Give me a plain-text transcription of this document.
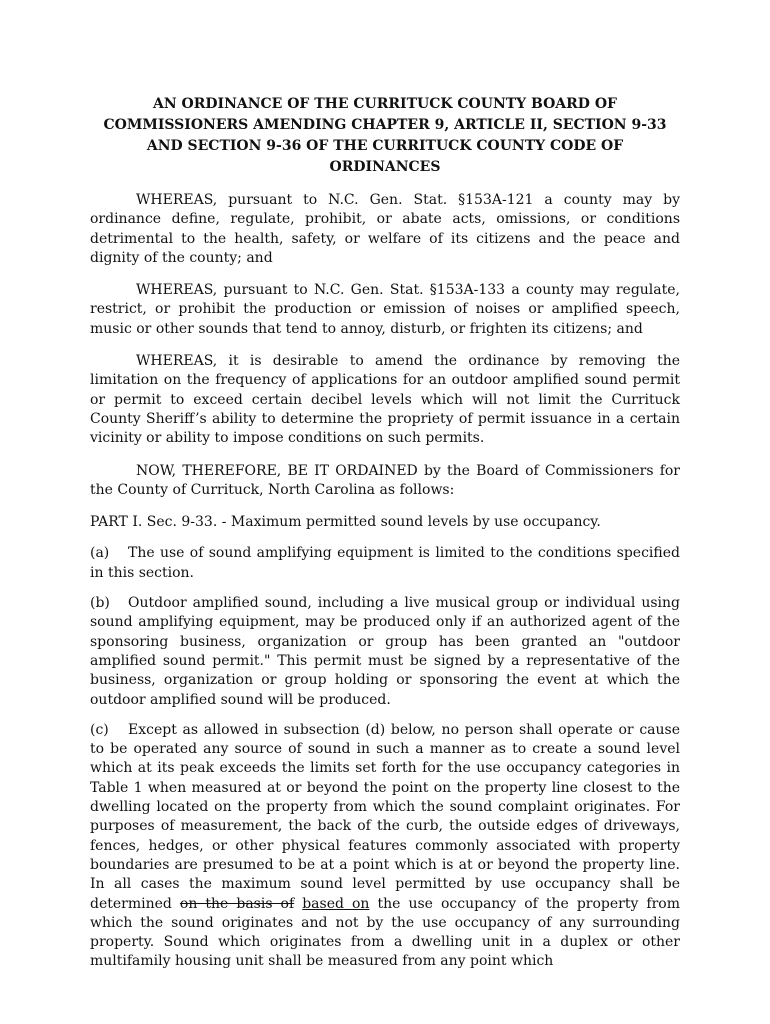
AN ORDINANCE OF THE CURRITUCK COUNTY BOARD OF
COMMISSIONERS AMENDING CHAPTER 9, ARTICLE II, SECTION 9-33
AND SECTION 9-36 OF THE CURRITUCK COUNTY CODE OF
ORDINANCES

WHEREAS, pursuant to N.C. Gen. Stat. §153A-121 a county may by ordinance define, regulate, prohibit, or abate acts, omissions, or conditions detrimental to the health, safety, or welfare of its citizens and the peace and dignity of the county; and

WHEREAS, pursuant to N.C. Gen. Stat. §153A-133 a county may regulate, restrict, or prohibit the production or emission of noises or amplified speech, music or other sounds that tend to annoy, disturb, or frighten its citizens; and

WHEREAS, it is desirable to amend the ordinance by removing the limitation on the frequency of applications for an outdoor amplified sound permit or permit to exceed certain decibel levels which will not limit the Currituck County Sheriff’s ability to determine the propriety of permit issuance in a certain vicinity or ability to impose conditions on such permits.

NOW, THEREFORE, BE IT ORDAINED by the Board of Commissioners for the County of Currituck, North Carolina as follows:

PART I. Sec. 9-33. - Maximum permitted sound levels by use occupancy.

(a) The use of sound amplifying equipment is limited to the conditions specified in this section.

(b) Outdoor amplified sound, including a live musical group or individual using sound amplifying equipment, may be produced only if an authorized agent of the sponsoring business, organization or group has been granted an "outdoor amplified sound permit." This permit must be signed by a representative of the business, organization or group holding or sponsoring the event at which the outdoor amplified sound will be produced.

(c) Except as allowed in subsection (d) below, no person shall operate or cause to be operated any source of sound in such a manner as to create a sound level which at its peak exceeds the limits set forth for the use occupancy categories in Table 1 when measured at or beyond the point on the property line closest to the dwelling located on the property from which the sound complaint originates. For purposes of measurement, the back of the curb, the outside edges of driveways, fences, hedges, or other physical features commonly associated with property boundaries are presumed to be at a point which is at or beyond the property line. In all cases the maximum sound level permitted by use occupancy shall be determined on the basis of based on the use occupancy of the property from which the sound originates and not by the use occupancy of any surrounding property. Sound which originates from a dwelling unit in a duplex or other multifamily housing unit shall be measured from any point which
